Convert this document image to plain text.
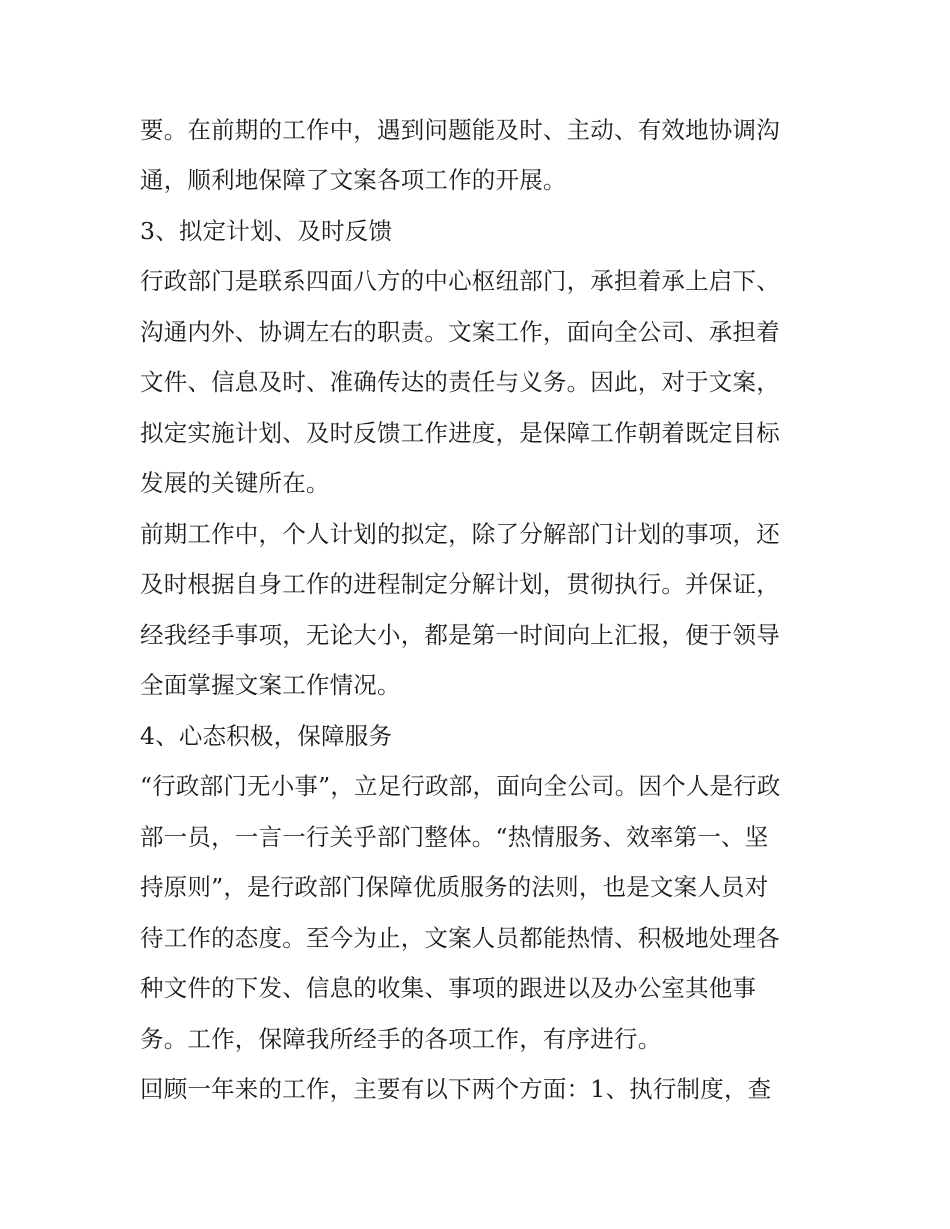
要。在前期的工作中，遇到问题能及时、主动、有效地协调沟
通，顺利地保障了文案各项工作的开展。
3、拟定计划、及时反馈
行政部门是联系四面八方的中心枢纽部门，承担着承上启下、
沟通内外、协调左右的职责。文案工作，面向全公司、承担着
文件、信息及时、准确传达的责任与义务。因此，对于文案，
拟定实施计划、及时反馈工作进度，是保障工作朝着既定目标
发展的关键所在。
前期工作中，个人计划的拟定，除了分解部门计划的事项，还
及时根据自身工作的进程制定分解计划，贯彻执行。并保证，
经我经手事项，无论大小，都是第一时间向上汇报，便于领导
全面掌握文案工作情况。
4、心态积极，保障服务
“行政部门无小事”，立足行政部，面向全公司。因个人是行政
部一员，一言一行关乎部门整体。“热情服务、效率第一、坚
持原则”，是行政部门保障优质服务的法则，也是文案人员对
待工作的态度。至今为止，文案人员都能热情、积极地处理各
种文件的下发、信息的收集、事项的跟进以及办公室其他事
务。工作，保障我所经手的各项工作，有序进行。
回顾一年来的工作，主要有以下两个方面：1、执行制度，查
